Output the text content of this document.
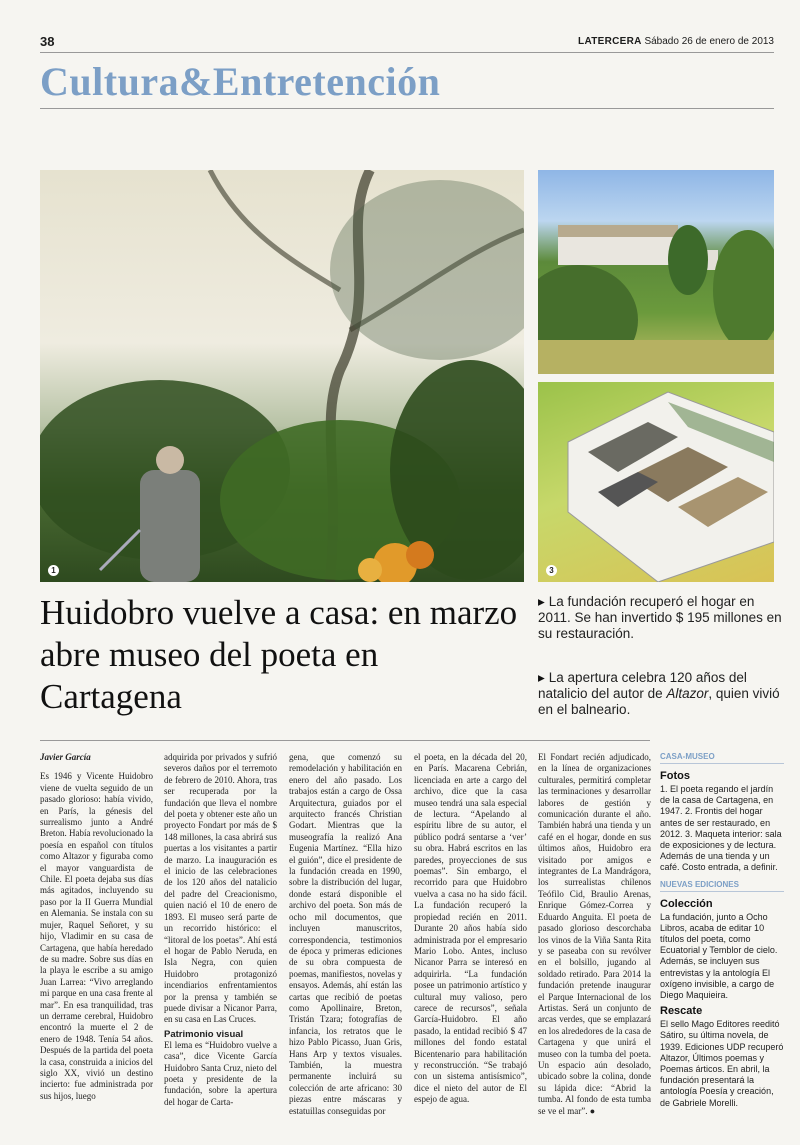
38	LATERCERA Sábado 26 de enero de 2013
Cultura&Entretención
1	3
Huidobro vuelve a casa: en marzo abre museo del poeta en Cartagena
▸ La fundación recuperó el hogar en 2011. Se han invertido $ 195 millones en su restauración.
▸ La apertura celebra 120 años del natalicio del autor de Altazor, quien vivió en el balneario.
Javier García

Es 1946 y Vicente Huidobro viene de vuelta seguido de un pasado glorioso: había vivido, en París, la génesis del surrealismo junto a André Breton. Había revolucionado la poesía en español con títulos como Altazor y figuraba como el mayor vanguardista de Chile. El poeta dejaba sus días más agitados, incluyendo su paso por la II Guerra Mundial en Alemania. Se instala con su mujer, Raquel Señoret, y su hijo, Vladimir en su casa de Cartagena, que había heredado de su madre. Sobre sus días en la playa le escribe a su amigo Juan Larrea: “Vivo arreglando mi parque en una casa frente al mar”. En esa tranquilidad, tras un derrame cerebral, Huidobro encontró la muerte el 2 de enero de 1948. Tenía 54 años. Después de la partida del poeta la casa, construida a inicios del siglo XX, vivió un destino incierto: fue administrada por sus hijos, luego

adquirida por privados y sufrió severos daños por el terremoto de febrero de 2010. Ahora, tras ser recuperada por la fundación que lleva el nombre del poeta y obtener este año un proyecto Fondart por más de $ 148 millones, la casa abrirá sus puertas a los visitantes a partir de marzo. La inauguración es el inicio de las celebraciones de los 120 años del natalicio del padre del Creacionismo, quien nació el 10 de enero de 1893. El museo será parte de un recorrido histórico: el “litoral de los poetas”. Ahí está el hogar de Pablo Neruda, en Isla Negra, con quien Huidobro protagonizó incendiarios enfrentamientos por la prensa y también se puede divisar a Nicanor Parra, en su casa en Las Cruces.

Patrimonio visual

El lema es “Huidobro vuelve a casa”, dice Vicente García Huidobro Santa Cruz, nieto del poeta y presidente de la fundación, sobre la apertura del hogar de Carta-

gena, que comenzó su remodelación y habilitación en enero del año pasado. Los trabajos están a cargo de Ossa Arquitectura, guiados por el arquitecto francés Christian Godart. Mientras que la museografía la realizó Ana Eugenia Martínez. “Ella hizo el guión”, dice el presidente de la fundación creada en 1990, sobre la distribución del lugar, donde estará disponible el archivo del poeta. Son más de ocho mil documentos, que incluyen manuscritos, correspondencia, testimonios de época y primeras ediciones de su obra compuesta de poemas, manifiestos, novelas y ensayos. Además, ahí están las cartas que recibió de poetas como Apollinaire, Breton, Tristán Tzara; fotografías de infancia, los retratos que le hizo Pablo Picasso, Juan Gris, Hans Arp y textos visuales. También, la muestra permanente incluirá su colección de arte africano: 30 piezas entre máscaras y estatuillas conseguidas por

el poeta, en la década del 20, en París. Macarena Cebrián, licenciada en arte a cargo del archivo, dice que la casa museo tendrá una sala especial de lectura. “Apelando al espíritu libre de su autor, el público podrá sentarse a ‘ver’ su obra. Habrá escritos en las paredes, proyecciones de sus poemas”. Sin embargo, el recorrido para que Huidobro vuelva a casa no ha sido fácil. La fundación recuperó la propiedad recién en 2011. Durante 20 años había sido administrada por el empresario Mario Lobo. Antes, incluso Nicanor Parra se interesó en adquirirla. “La fundación posee un patrimonio artístico y cultural muy valioso, pero carece de recursos”, señala García-Huidobro. El año pasado, la entidad recibió $ 47 millones del fondo estatal Bicentenario para habilitación y reconstrucción. “Se trabajó con un sistema antisísmico”, dice el nieto del autor de El espejo de agua.

El Fondart recién adjudicado, en la línea de organizaciones culturales, permitirá completar las terminaciones y desarrollar labores de gestión y comunicación durante el año. También habrá una tienda y un café en el hogar, donde en sus últimos años, Huidobro era visitado por amigos e integrantes de La Mandrágora, los surrealistas chilenos Teófilo Cid, Braulio Arenas, Enrique Gómez-Correa y Eduardo Anguita. El poeta de pasado glorioso descorchaba los vinos de la Viña Santa Rita y se paseaba con su revólver en el bolsillo, jugando al soldado retirado. Para 2014 la fundación pretende inaugurar el Parque Internacional de los Artistas. Será un conjunto de arcas verdes, que se emplazará en los alrededores de la casa de Cartagena y que unirá el museo con la tumba del poeta. Un espacio aún desolado, ubicado sobre la colina, donde su lápida dice: “Abrid la tumba. Al fondo de esta tumba se ve el mar”. ●

CASA-MUSEO
Fotos

1. El poeta regando el jardín de la casa de Cartagena, en 1947. 2. Frontis del hogar antes de ser restaurado, en 2012. 3. Maqueta interior: sala de exposiciones y de lectura. Además de una tienda y un café. Costo entrada, a definir.

NUEVAS EDICIONES
Colección

La fundación, junto a Ocho Libros, acaba de editar 10 títulos del poeta, como Ecuatorial y Temblor de cielo. Además, se incluyen sus entrevistas y la antología El oxígeno invisible, a cargo de Diego Maquieira.

Rescate

El sello Mago Editores reeditó Sátiro, su última novela, de 1939. Ediciones UDP recuperó Altazor, Últimos poemas y Poemas árticos. En abril, la fundación presentará la antología Poesía y creación, de Gabriele Morelli.
